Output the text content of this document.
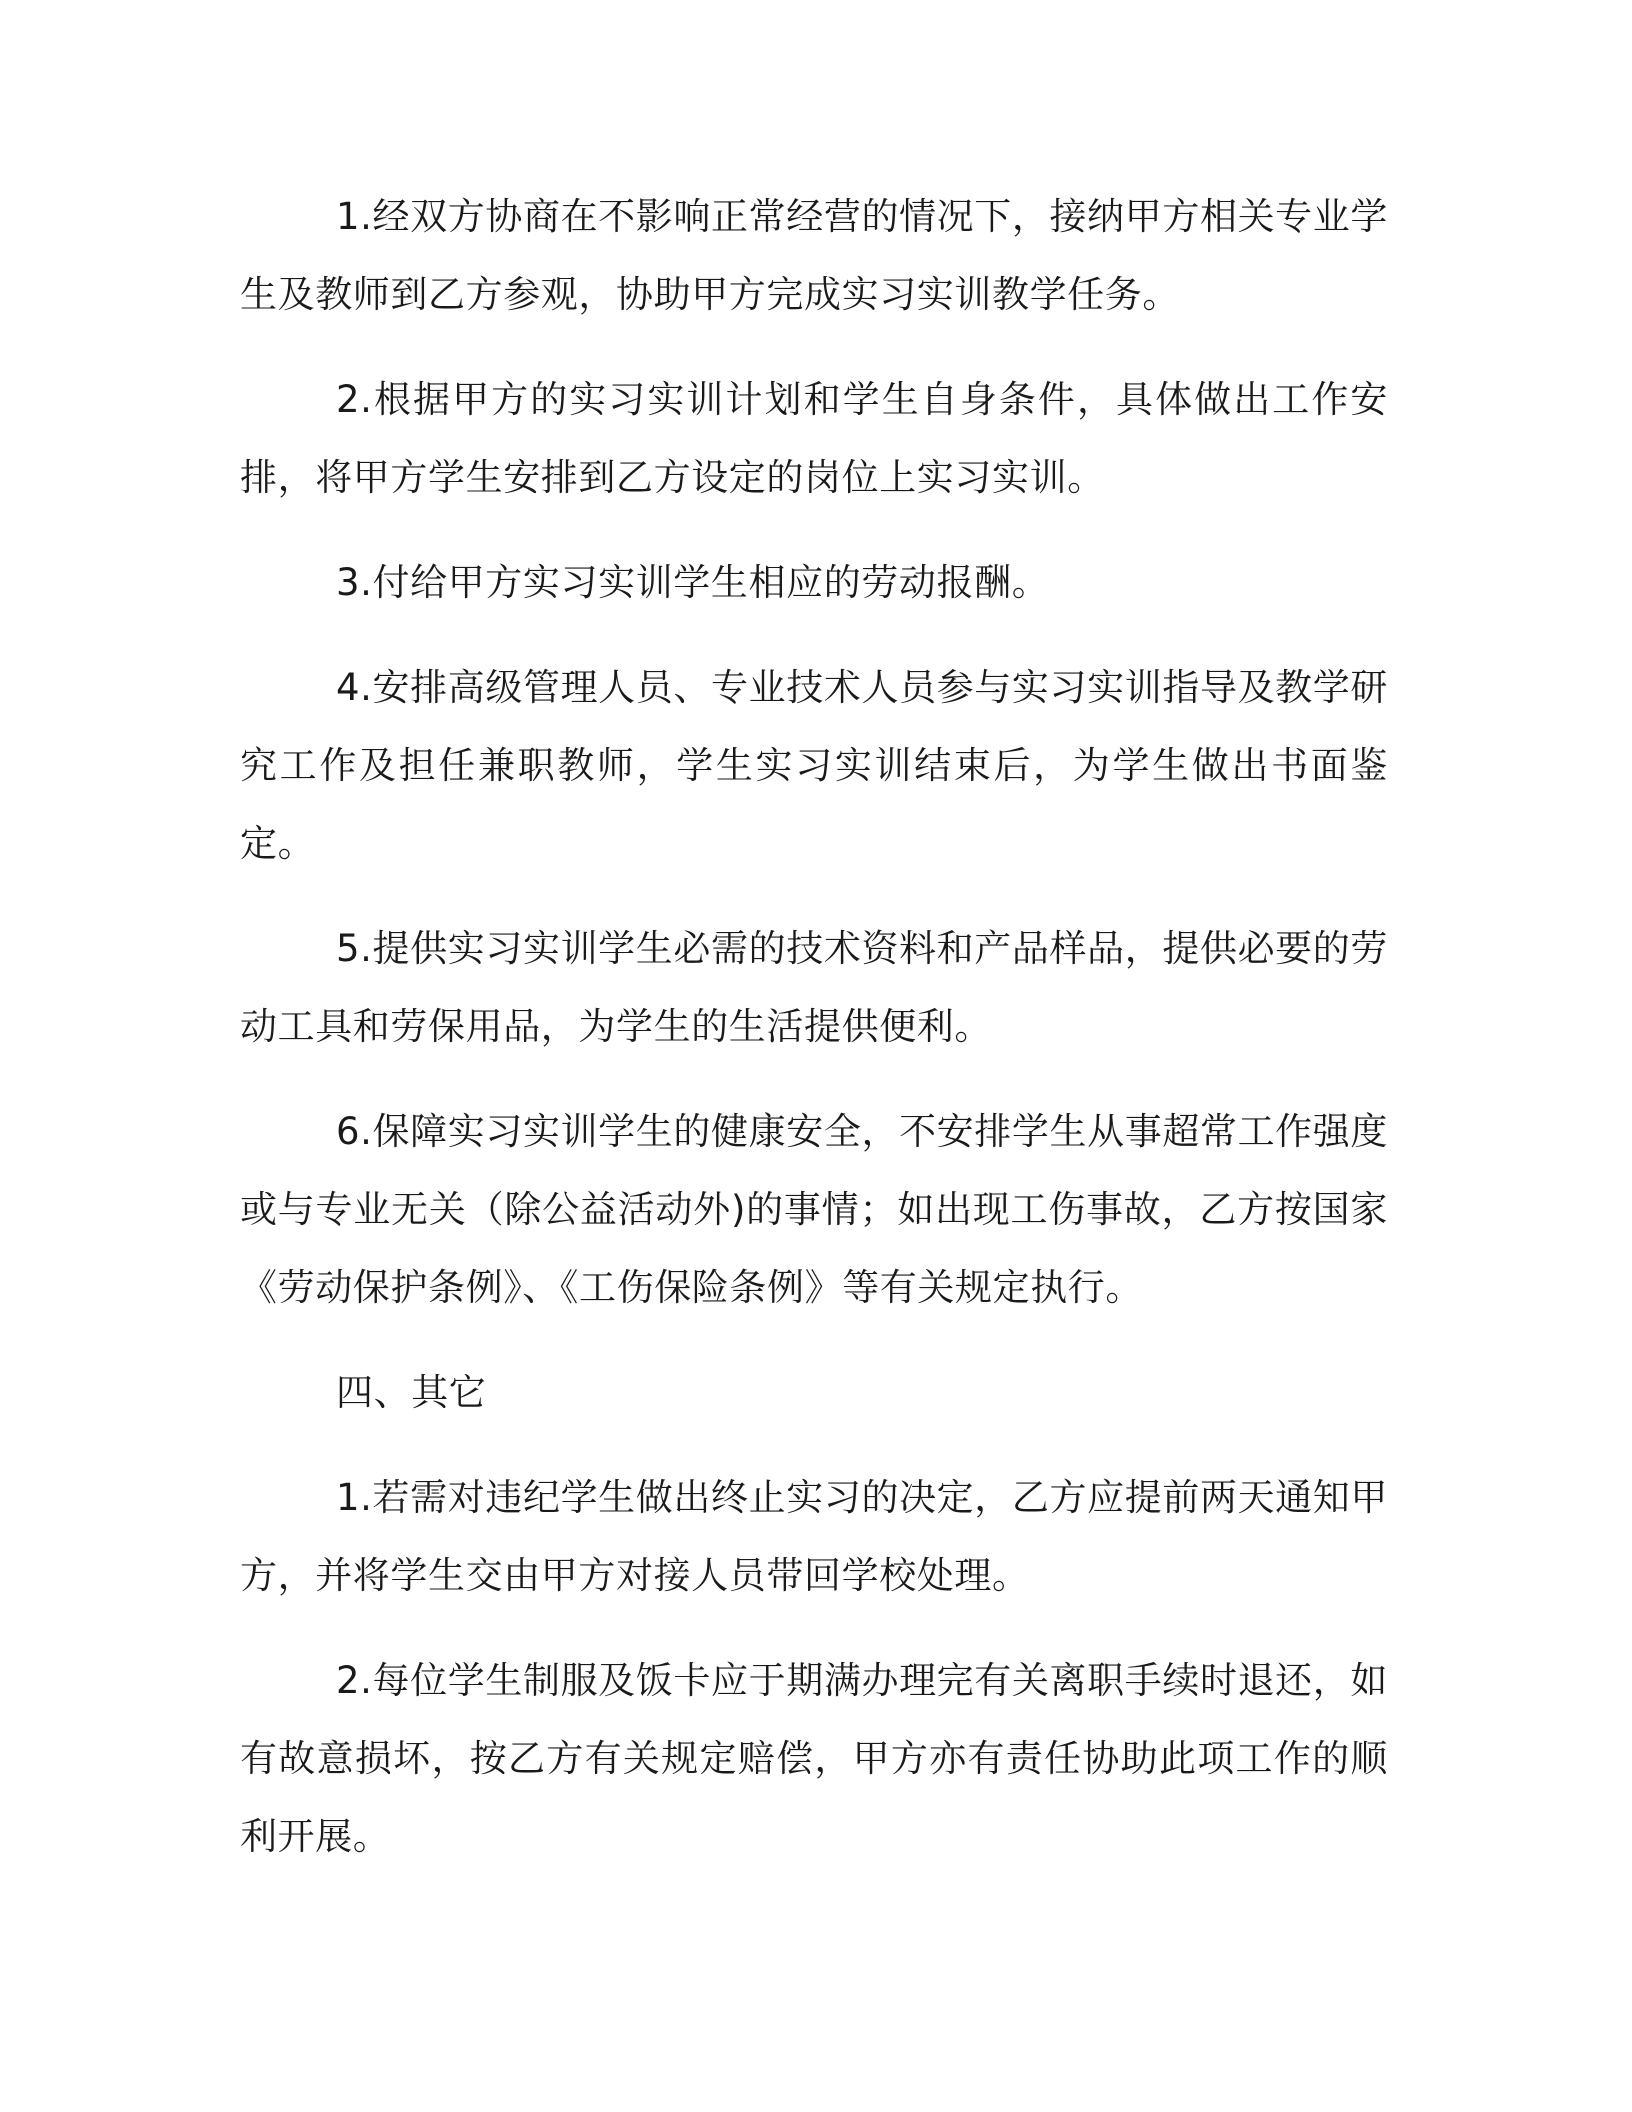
1.经双方协商在不影响正常经营的情况下，接纳甲方相关专业学生及教师到乙方参观，协助甲方完成实习实训教学任务。

2.根据甲方的实习实训计划和学生自身条件，具体做出工作安排，将甲方学生安排到乙方设定的岗位上实习实训。

3.付给甲方实习实训学生相应的劳动报酬。

4.安排高级管理人员、专业技术人员参与实习实训指导及教学研究工作及担任兼职教师，学生实习实训结束后，为学生做出书面鉴定。

5.提供实习实训学生必需的技术资料和产品样品，提供必要的劳动工具和劳保用品，为学生的生活提供便利。

6.保障实习实训学生的健康安全，不安排学生从事超常工作强度或与专业无关（除公益活动外)的事情；如出现工伤事故，乙方按国家《劳动保护条例》、《工伤保险条例》等有关规定执行。

四、其它

1.若需对违纪学生做出终止实习的决定，乙方应提前两天通知甲方，并将学生交由甲方对接人员带回学校处理。

2.每位学生制服及饭卡应于期满办理完有关离职手续时退还，如有故意损坏，按乙方有关规定赔偿，甲方亦有责任协助此项工作的顺利开展。
